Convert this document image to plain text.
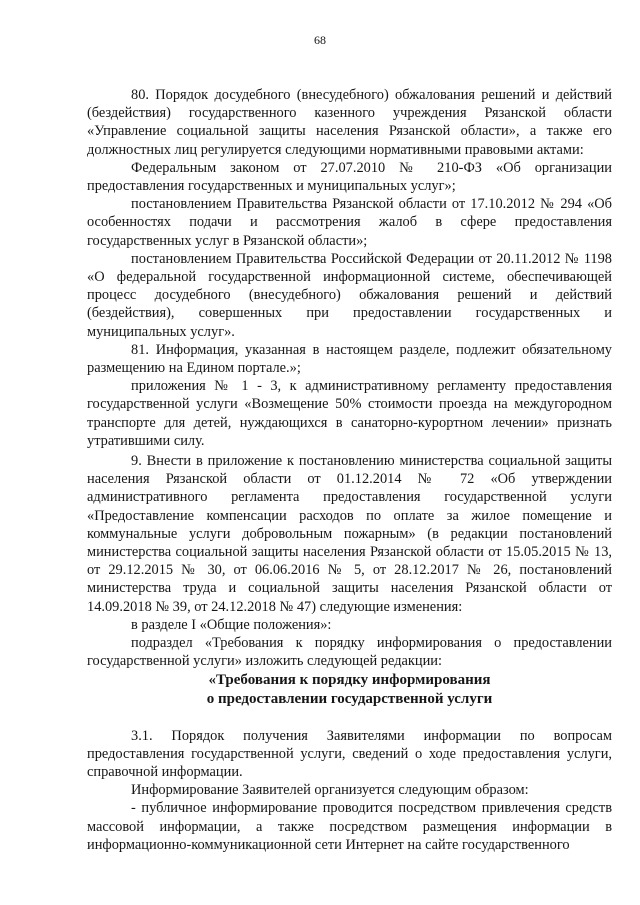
68

80. Порядок досудебного (внесудебного) обжалования решений и действий (бездействия) государственного казенного учреждения Рязанской области «Управление социальной защиты населения Рязанской области», а также его должностных лиц регулируется следующими нормативными правовыми актами:

Федеральным законом от 27.07.2010 № 210-ФЗ «Об организации предоставления государственных и муниципальных услуг»;

постановлением Правительства Рязанской области от 17.10.2012 № 294 «Об особенностях подачи и рассмотрения жалоб в сфере предоставления государственных услуг в Рязанской области»;

постановлением Правительства Российской Федерации от 20.11.2012 № 1198 «О федеральной государственной информационной системе, обеспечивающей процесс досудебного (внесудебного) обжалования решений и действий (бездействия), совершенных при предоставлении государственных и муниципальных услуг».

81. Информация, указанная в настоящем разделе, подлежит обязательному размещению на Едином портале.»;

приложения № 1 - 3, к административному регламенту предоставления государственной услуги «Возмещение 50% стоимости проезда на междугородном транспорте для детей, нуждающихся в санаторно-курортном лечении» признать утратившими силу.

9. Внести в приложение к постановлению министерства социальной защиты населения Рязанской области от 01.12.2014 № 72 «Об утверждении административного регламента предоставления государственной услуги «Предоставление компенсации расходов по оплате за жилое помещение и коммунальные услуги добровольным пожарным» (в редакции постановлений министерства социальной защиты населения Рязанской области от 15.05.2015 № 13, от 29.12.2015 № 30, от 06.06.2016 № 5, от 28.12.2017 № 26, постановлений министерства труда и социальной защиты населения Рязанской области от 14.09.2018 № 39, от 24.12.2018 № 47) следующие изменения:

в разделе I «Общие положения»:

подраздел «Требования к порядку информирования о предоставлении государственной услуги» изложить следующей редакции:

«Требования к порядку информирования

о предоставлении государственной услуги

3.1. Порядок получения Заявителями информации по вопросам предоставления государственной услуги, сведений о ходе предоставления услуги, справочной информации.

Информирование Заявителей организуется следующим образом:

- публичное информирование проводится посредством привлечения средств массовой информации, а также посредством размещения информации в информационно-коммуникационной сети Интернет на сайте государственного
